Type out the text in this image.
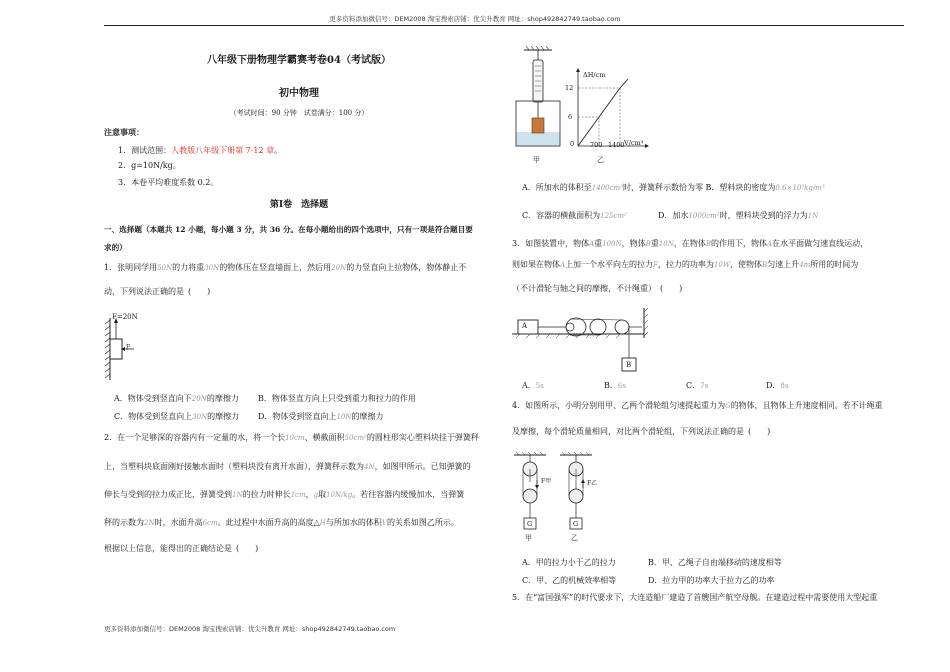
更多资料添加微信号：DEM2008 淘宝搜索店铺：优尖升教育 网址：shop492842749.taobao.com
更多资料添加微信号：DEM2008 淘宝搜索店铺：优尖升教育 网址：shop492842749.taobao.com
八年级下册物理学霸赛考卷04（考试版）
初中物理
（考试时间：90 分钟　试卷满分：100 分）
注意事项：
1．测试范围：人教版八年级下册第 7-12 章。
2．g=10N/kg。
3．本卷平均难度系数 0.2。
第Ⅰ卷　选择题
一、选择题（本题共 12 小题，每小题 3 分，共 36 分。在每小题给出的四个选项中，只有一项是符合题目要
求的）
1．张明同学用50N的力将重30N的物体压在竖直墙面上，然后用20N的力竖直向上拉物体，物体静止不
动，下列说法正确的是 (　　)
F=20N
F
A．物体受到竖直向下20N的摩擦力 B．物体竖直方向上只受到重力和拉力的作用
C．物体受到竖直向上30N的摩擦力 D．物体受到竖直向上10N的摩擦力
2．在一个足够深的容器内有一定量的水，将一个长10cm、横截面积50cm²的圆柱形实心塑料块挂于弹簧秤
上，当塑料块底面刚好接触水面时（塑料块没有离开水面），弹簧秤示数为4N，如图甲所示。已知弹簧的
伸长与受到的拉力成正比，弹簧受到1N的拉力时伸长1cm，g取10N/kg。若往容器内缓慢加水，当弹簧
秤的示数为2N时，水面升高6cm。此过程中水面升高的高度△H与所加水的体积V的关系如图乙所示。
根据以上信息，能得出的正确结论是 (　　)
甲
ΔH/cm
V/cm³
12
6
0 700 1400
乙
A．所加水的体积至1400cm³时，弹簧秤示数恰为零 B．塑料块的密度为0.6×10³kg/m³
C．容器的横截面积为125cm²	D．加水1000cm³时，塑料块受到的浮力为1N
3．如图装置中，物体A重100N，物体B重10N，在物体B的作用下，物体A在水平面做匀速直线运动，
则如果在物体A上加一个水平向左的拉力F，拉力的功率为10W，使物体B匀速上升4m所用的时间为
（不计滑轮与轴之间的摩擦，不计绳重） (　　)
A
B
A．5s	B．6s	C．7s	D．8s
4．如图所示，小明分别用甲、乙两个滑轮组匀速提起重力为G的物体，且物体上升速度相同。若不计绳重
及摩擦，每个滑轮质量相同，对比两个滑轮组，下列说法正确的是 (　　)
F甲	F乙
G	G
甲	乙
A．甲的拉力小于乙的拉力	B．甲、乙绳子自由端移动的速度相等
C．甲、乙的机械效率相等	D．拉力甲的功率大于拉力乙的功率
5．在“富国强军”的时代要求下，大连造船厂建造了首艘国产航空母舰。在建造过程中需要使用大型起重
